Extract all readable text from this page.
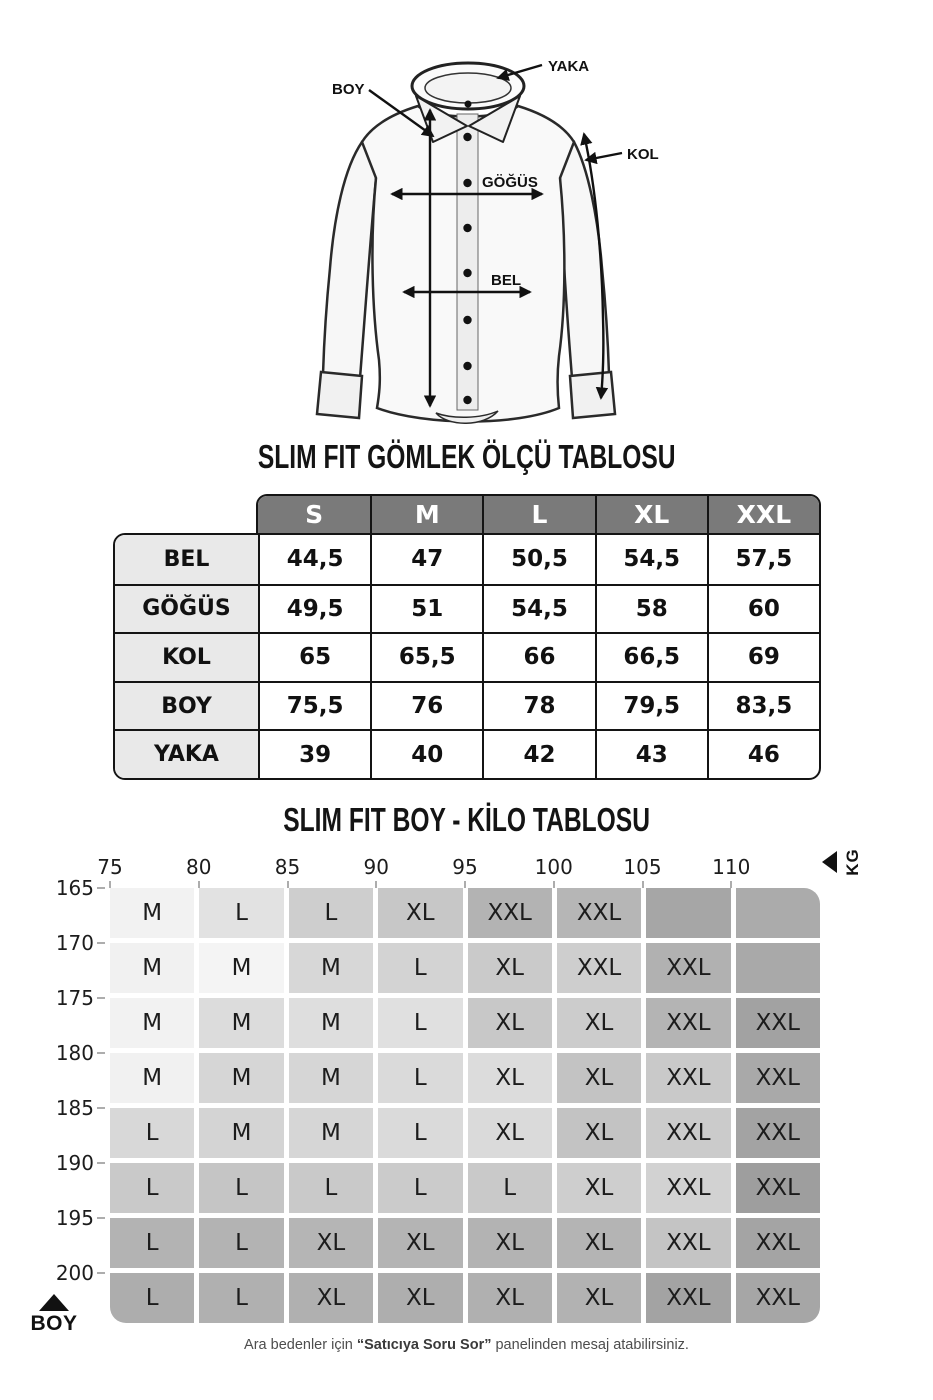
YAKA
BOY
KOL
GÖĞÜS
BEL
SLIM FIT GÖMLEK ÖLÇÜ TABLOSU
S	M	L	XL	XXL
BEL	44,5	47	50,5	54,5	57,5
GÖĞÜS	49,5	51	54,5	58	60
KOL	65	65,5	66	66,5	69
BOY	75,5	76	78	79,5	83,5
YAKA	39	40	42	43	46
SLIM FIT BOY - KİLO TABLOSU
75	80	85	90	95	100	105	110	KG
M	L	L	XL	XXL	XXL
M	M	M	L	XL	XXL	XXL
M	M	M	L	XL	XL	XXL	XXL
M	M	M	L	XL	XL	XXL	XXL
L	M	M	L	XL	XL	XXL	XXL
L	L	L	L	L	XL	XXL	XXL
L	L	XL	XL	XL	XL	XXL	XXL
L	L	XL	XL	XL	XL	XXL	XXL
BOY
165
170
175
180
185
190
195
200
Ara bedenler için “Satıcıya Soru Sor” panelinden mesaj atabilirsiniz.
